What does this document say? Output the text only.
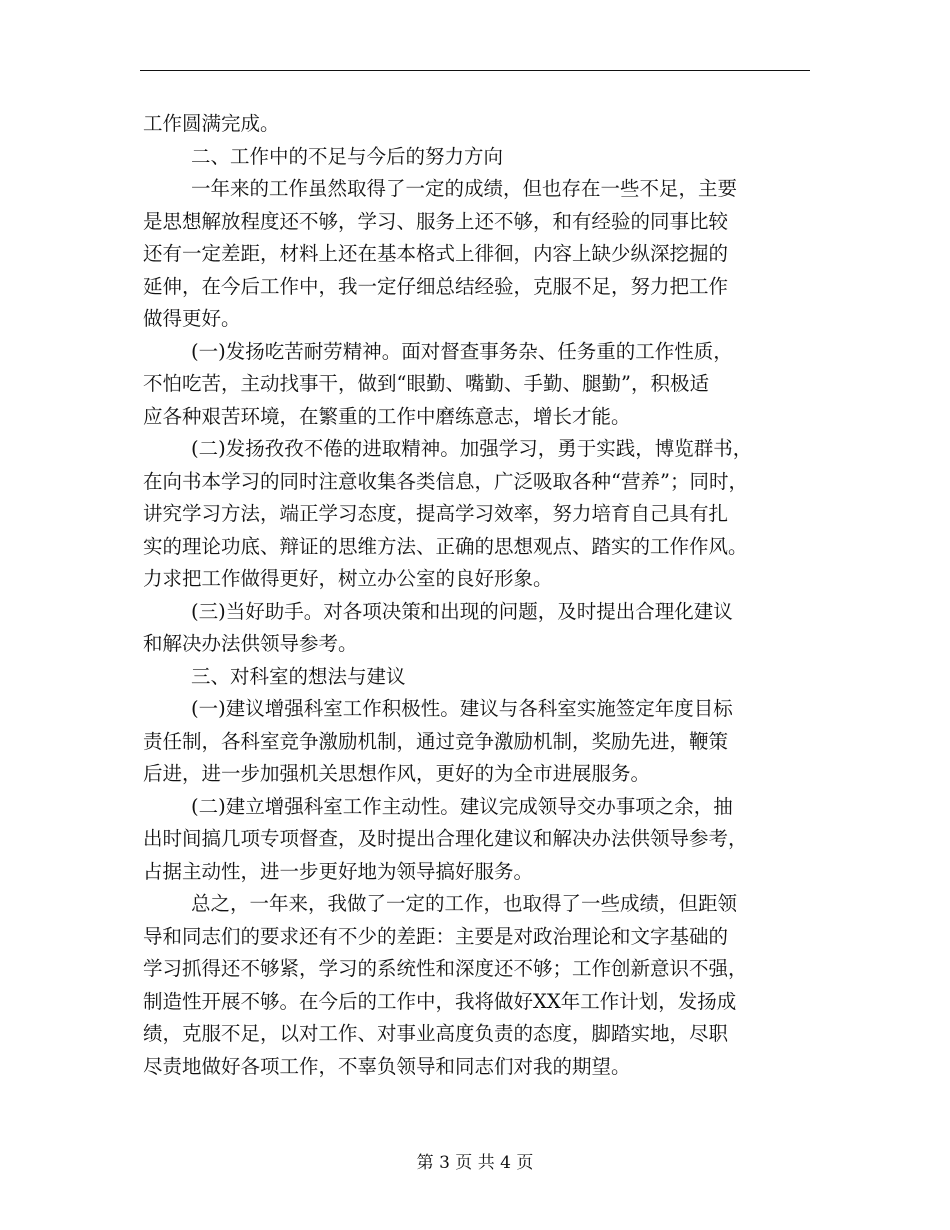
工作圆满完成。
二、工作中的不足与今后的努力方向
一年来的工作虽然取得了一定的成绩，但也存在一些不足，主要
是思想解放程度还不够，学习、服务上还不够，和有经验的同事比较
还有一定差距，材料上还在基本格式上徘徊，内容上缺少纵深挖掘的
延伸，在今后工作中，我一定仔细总结经验，克服不足，努力把工作
做得更好。
(一)发扬吃苦耐劳精神。面对督查事务杂、任务重的工作性质，
不怕吃苦，主动找事干，做到“眼勤、嘴勤、手勤、腿勤”，积极适
应各种艰苦环境，在繁重的工作中磨练意志，增长才能。
(二)发扬孜孜不倦的进取精神。加强学习，勇于实践，博览群书，
在向书本学习的同时注意收集各类信息，广泛吸取各种“营养”；同时，
讲究学习方法，端正学习态度，提高学习效率，努力培育自己具有扎
实的理论功底、辩证的思维方法、正确的思想观点、踏实的工作作风。
力求把工作做得更好，树立办公室的良好形象。
(三)当好助手。对各项决策和出现的问题，及时提出合理化建议
和解决办法供领导参考。
三、对科室的想法与建议
(一)建议增强科室工作积极性。建议与各科室实施签定年度目标
责任制，各科室竞争激励机制，通过竞争激励机制，奖励先进，鞭策
后进，进一步加强机关思想作风，更好的为全市进展服务。
(二)建立增强科室工作主动性。建议完成领导交办事项之余，抽
出时间搞几项专项督查，及时提出合理化建议和解决办法供领导参考，
占据主动性，进一步更好地为领导搞好服务。
总之，一年来，我做了一定的工作，也取得了一些成绩，但距领
导和同志们的要求还有不少的差距：主要是对政治理论和文字基础的
学习抓得还不够紧，学习的系统性和深度还不够；工作创新意识不强，
制造性开展不够。在今后的工作中，我将做好XX年工作计划，发扬成
绩，克服不足，以对工作、对事业高度负责的态度，脚踏实地，尽职
尽责地做好各项工作，不辜负领导和同志们对我的期望。
第 3 页 共 4 页
